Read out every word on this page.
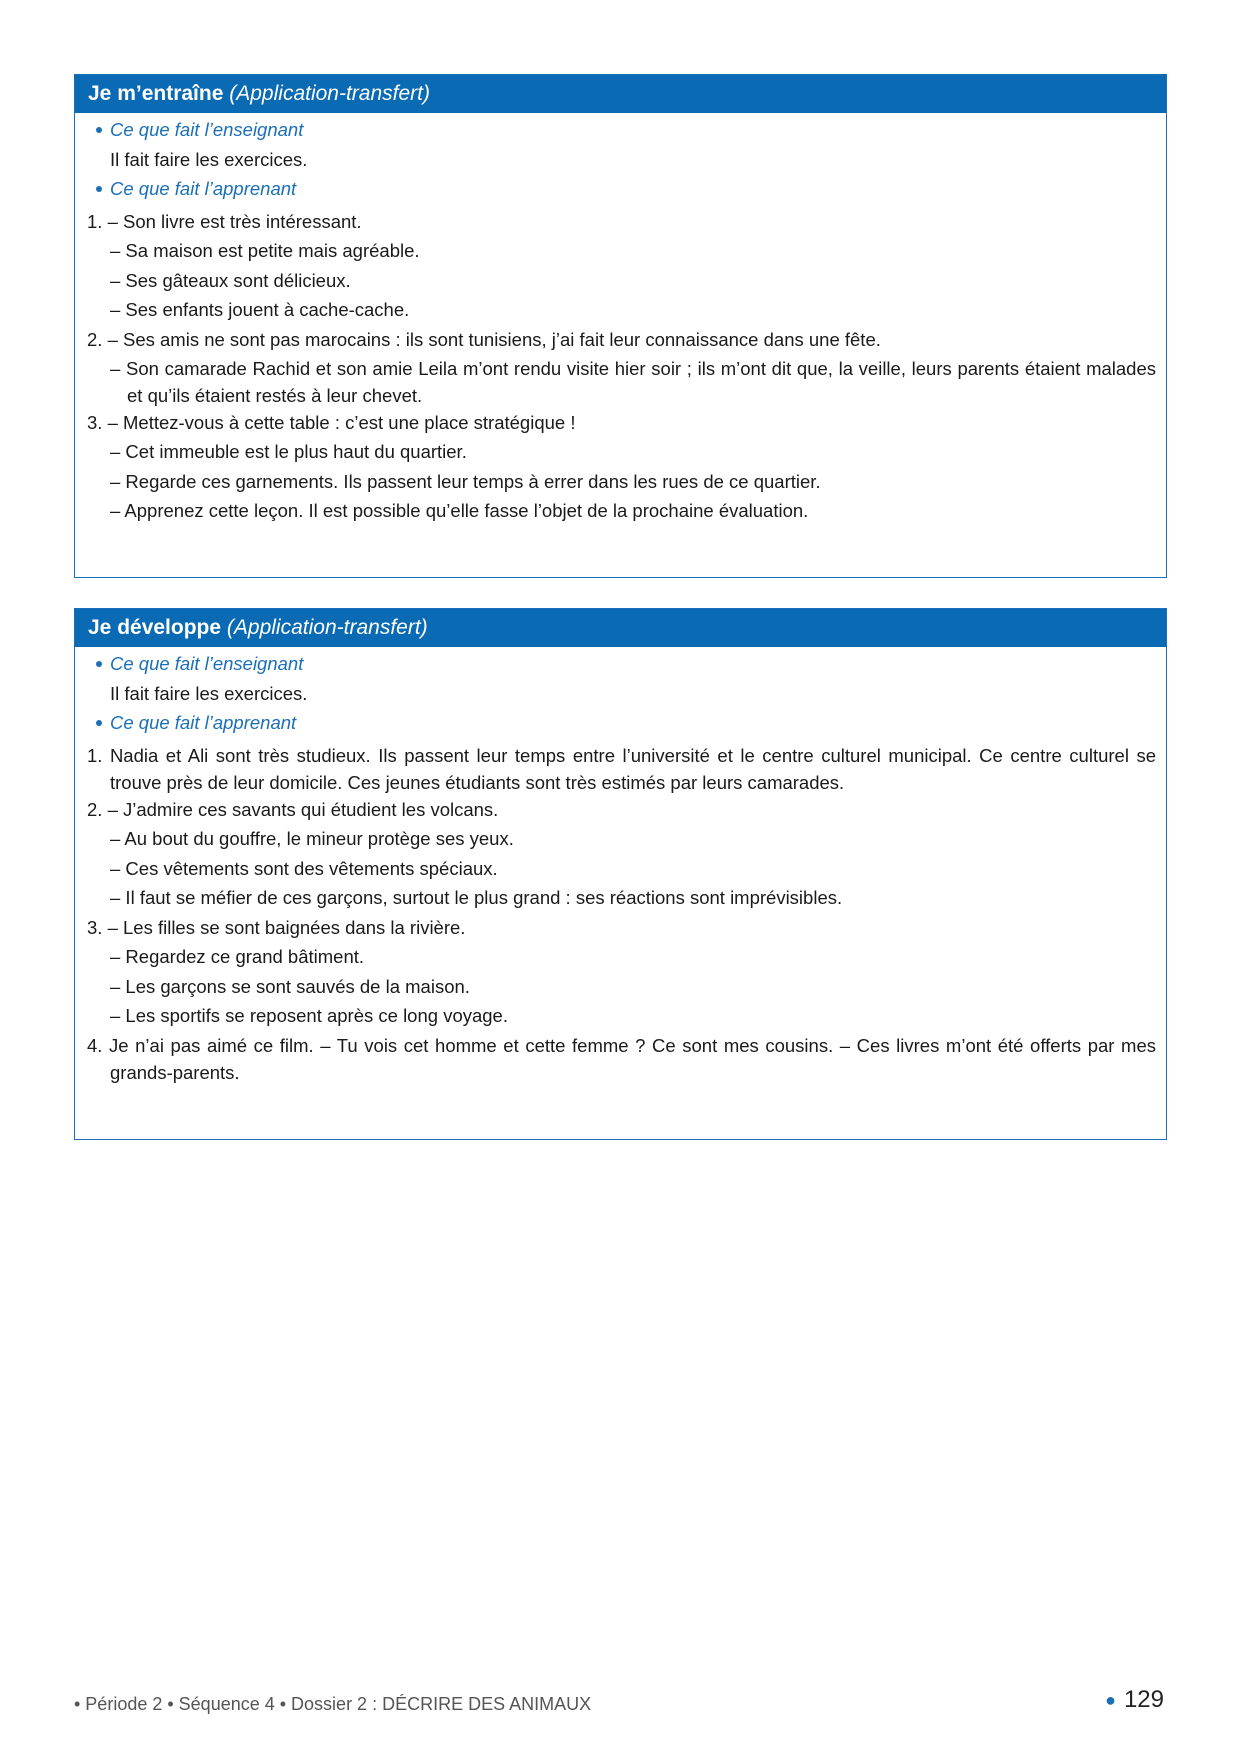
Je m’entraîne (Application-transfert)
Ce que fait l’enseignant
Il fait faire les exercices.
Ce que fait l’apprenant
1. – Son livre est très intéressant.
– Sa maison est petite mais agréable.
– Ses gâteaux sont délicieux.
– Ses enfants jouent à cache-cache.
2. – Ses amis ne sont pas marocains : ils sont tunisiens, j’ai fait leur connaissance dans une fête.
– Son camarade Rachid et son amie Leila m’ont rendu visite hier soir ; ils m’ont dit que, la veille, leurs parents étaient malades et qu’ils étaient restés à leur chevet.
3. – Mettez-vous à cette table : c’est une place stratégique !
– Cet immeuble est le plus haut du quartier.
– Regarde ces garnements. Ils passent leur temps à errer dans les rues de ce quartier.
– Apprenez cette leçon. Il est possible qu’elle fasse l’objet de la prochaine évaluation.
Je développe (Application-transfert)
Ce que fait l’enseignant
Il fait faire les exercices.
Ce que fait l’apprenant
1. Nadia et Ali sont très studieux. Ils passent leur temps entre l’université et le centre culturel municipal. Ce centre culturel se trouve près de leur domicile. Ces jeunes étudiants sont très estimés par leurs camarades.
2. – J’admire ces savants qui étudient les volcans.
– Au bout du gouffre, le mineur protège ses yeux.
– Ces vêtements sont des vêtements spéciaux.
– Il faut se méfier de ces garçons, surtout le plus grand : ses réactions sont imprévisibles.
3. – Les filles se sont baignées dans la rivière.
– Regardez ce grand bâtiment.
– Les garçons se sont sauvés de la maison.
– Les sportifs se reposent après ce long voyage.
4. Je n’ai pas aimé ce film. – Tu vois cet homme et cette femme ? Ce sont mes cousins. – Ces livres m’ont été offerts par mes grands-parents.
• Période 2 • Séquence 4 • Dossier 2 : DÉCRIRE DES ANIMAUX	● 129
